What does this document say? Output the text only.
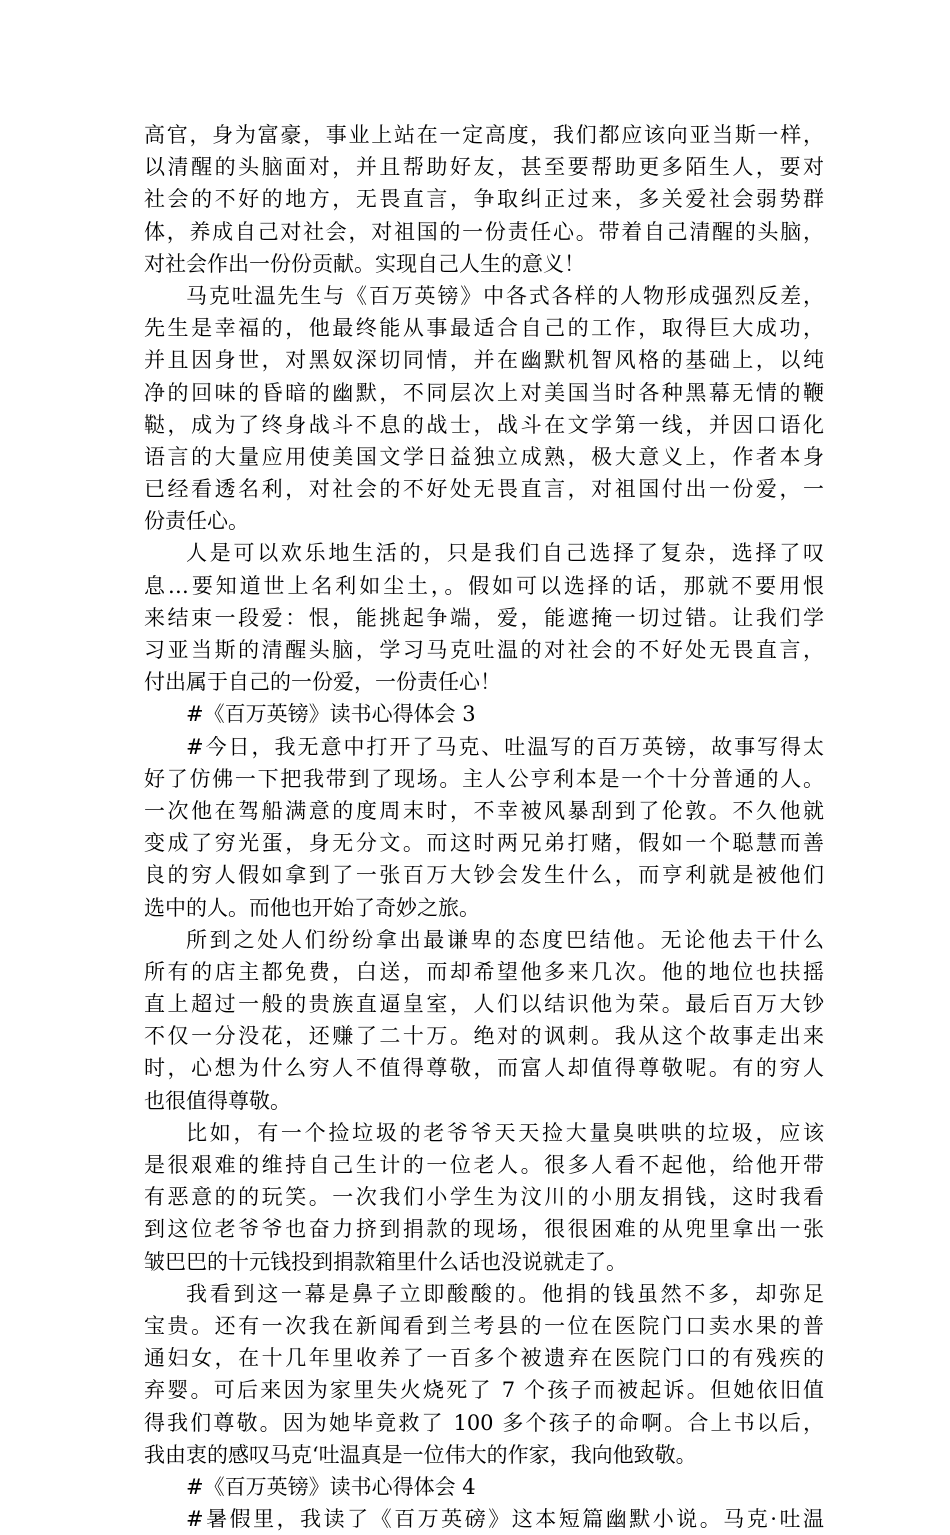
高官，身为富豪，事业上站在一定高度，我们都应该向亚当斯一样，
以清醒的头脑面对，并且帮助好友，甚至要帮助更多陌生人，要对
社会的不好的地方，无畏直言，争取纠正过来，多关爱社会弱势群
体，养成自己对社会，对祖国的一份责任心。带着自己清醒的头脑，
对社会作出一份份贡献。实现自己人生的意义！
马克吐温先生与《百万英镑》中各式各样的人物形成强烈反差，
先生是幸福的，他最终能从事最适合自己的工作，取得巨大成功，
并且因身世，对黑奴深切同情，并在幽默机智风格的基础上，以纯
净的回味的昏暗的幽默，不同层次上对美国当时各种黑幕无情的鞭
鞑，成为了终身战斗不息的战士，战斗在文学第一线，并因口语化
语言的大量应用使美国文学日益独立成熟，极大意义上，作者本身
已经看透名利，对社会的不好处无畏直言，对祖国付出一份爱，一
份责任心。
人是可以欢乐地生活的，只是我们自己选择了复杂，选择了叹
息…要知道世上名利如尘土，。假如可以选择的话，那就不要用恨
来结束一段爱：恨，能挑起争端，爱，能遮掩一切过错。让我们学
习亚当斯的清醒头脑，学习马克吐温的对社会的不好处无畏直言，
付出属于自己的一份爱，一份责任心！
#《百万英镑》读书心得体会 3
#今日，我无意中打开了马克、吐温写的百万英镑，故事写得太
好了仿佛一下把我带到了现场。主人公亨利本是一个十分普通的人。
一次他在驾船满意的度周末时，不幸被风暴刮到了伦敦。不久他就
变成了穷光蛋，身无分文。而这时两兄弟打赌，假如一个聪慧而善
良的穷人假如拿到了一张百万大钞会发生什么，而亨利就是被他们
选中的人。而他也开始了奇妙之旅。
所到之处人们纷纷拿出最谦卑的态度巴结他。无论他去干什么
所有的店主都免费，白送，而却希望他多来几次。他的地位也扶摇
直上超过一般的贵族直逼皇室，人们以结识他为荣。最后百万大钞
不仅一分没花，还赚了二十万。绝对的讽刺。我从这个故事走出来
时，心想为什么穷人不值得尊敬，而富人却值得尊敬呢。有的穷人
也很值得尊敬。
比如，有一个捡垃圾的老爷爷天天捡大量臭哄哄的垃圾，应该
是很艰难的维持自己生计的一位老人。很多人看不起他，给他开带
有恶意的的玩笑。一次我们小学生为汶川的小朋友捐钱，这时我看
到这位老爷爷也奋力挤到捐款的现场，很很困难的从兜里拿出一张
皱巴巴的十元钱投到捐款箱里什么话也没说就走了。
我看到这一幕是鼻子立即酸酸的。他捐的钱虽然不多，却弥足
宝贵。还有一次我在新闻看到兰考县的一位在医院门口卖水果的普
通妇女，在十几年里收养了一百多个被遗弃在医院门口的有残疾的
弃婴。可后来因为家里失火烧死了 7 个孩子而被起诉。但她依旧值
得我们尊敬。因为她毕竟救了 100 多个孩子的命啊。合上书以后，
我由衷的感叹马克‘吐温真是一位伟大的作家，我向他致敬。
#《百万英镑》读书心得体会 4
#暑假里，我读了《百万英磅》这本短篇幽默小说。马克·吐温
